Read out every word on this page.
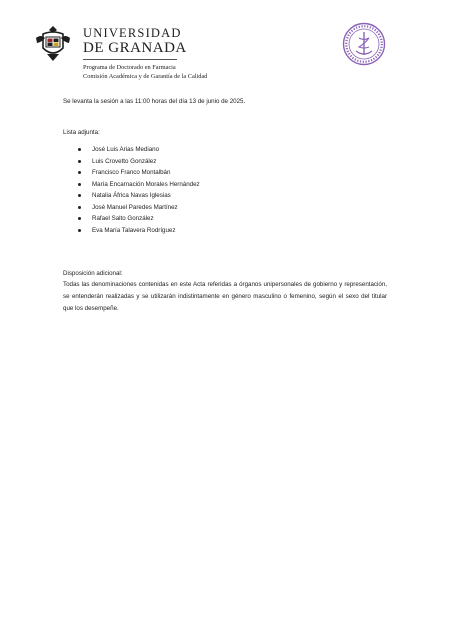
UNIVERSIDAD
DE GRANADA
Programa de Doctorado en Farmacia
Comisión Académica y de Garantía de la Calidad
Se levanta la sesión a las 11:00 horas del día 13 de junio de 2025.
Lista adjunta:
José Luis Arias Mediano
Luis Crovetto González
Francisco Franco Montalbán
María Encarnación Morales Hernández
Natalia África Navas Iglesias
José Manuel Paredes Martínez
Rafael Salto González
Eva María Talavera Rodríguez
Disposición adicional:
Todas las denominaciones contenidas en este Acta referidas a órganos unipersonales de gobierno y representación, se entenderán realizadas y se utilizarán indistintamente en género masculino o femenino, según el sexo del titular que los desempeñe.
